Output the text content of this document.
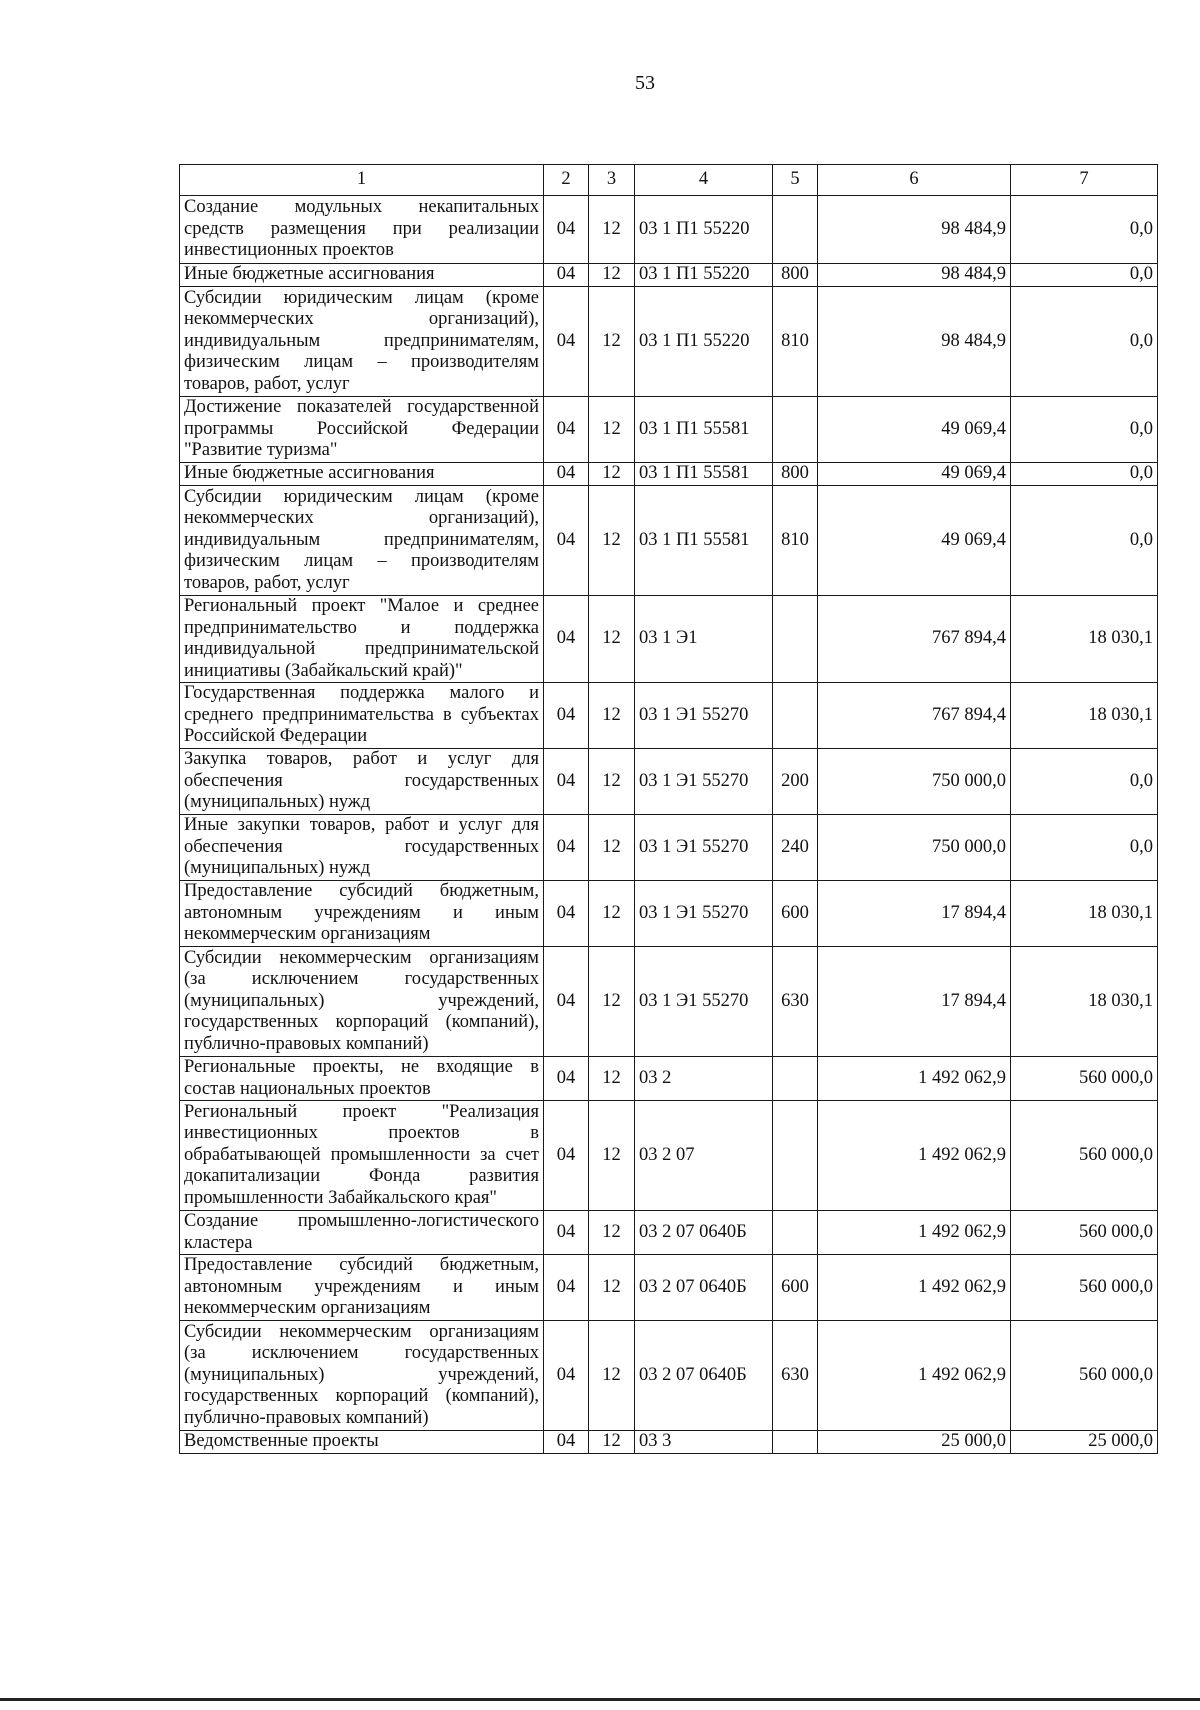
53
1	2	3	4	5	6	7
Создание модульных некапитальных средств размещения при реализации инвестиционных проектов	04	12	03 1 П1 55220		98 484,9	0,0
Иные бюджетные ассигнования	04	12	03 1 П1 55220	800	98 484,9	0,0
Субсидии юридическим лицам (кроме некоммерческих организаций), индивидуальным предпринимателям, физическим лицам – производителям товаров, работ, услуг	04	12	03 1 П1 55220	810	98 484,9	0,0
Достижение показателей государственной программы Российской Федерации "Развитие туризма"	04	12	03 1 П1 55581		49 069,4	0,0
Иные бюджетные ассигнования	04	12	03 1 П1 55581	800	49 069,4	0,0
Субсидии юридическим лицам (кроме некоммерческих организаций), индивидуальным предпринимателям, физическим лицам – производителям товаров, работ, услуг	04	12	03 1 П1 55581	810	49 069,4	0,0
Региональный проект "Малое и среднее предпринимательство и поддержка индивидуальной предпринимательской инициативы (Забайкальский край)"	04	12	03 1 Э1		767 894,4	18 030,1
Государственная поддержка малого и среднего предпринимательства в субъектах Российской Федерации	04	12	03 1 Э1 55270		767 894,4	18 030,1
Закупка товаров, работ и услуг для обеспечения государственных (муниципальных) нужд	04	12	03 1 Э1 55270	200	750 000,0	0,0
Иные закупки товаров, работ и услуг для обеспечения государственных (муниципальных) нужд	04	12	03 1 Э1 55270	240	750 000,0	0,0
Предоставление субсидий бюджетным, автономным учреждениям и иным некоммерческим организациям	04	12	03 1 Э1 55270	600	17 894,4	18 030,1
Субсидии некоммерческим организациям (за исключением государственных (муниципальных) учреждений, государственных корпораций (компаний), публично-правовых компаний)	04	12	03 1 Э1 55270	630	17 894,4	18 030,1
Региональные проекты, не входящие в состав национальных проектов	04	12	03 2		1 492 062,9	560 000,0
Региональный проект "Реализация инвестиционных проектов в обрабатывающей промышленности за счет докапитализации Фонда развития промышленности Забайкальского края"	04	12	03 2 07		1 492 062,9	560 000,0
Создание промышленно-логистического кластера	04	12	03 2 07 0640Б		1 492 062,9	560 000,0
Предоставление субсидий бюджетным, автономным учреждениям и иным некоммерческим организациям	04	12	03 2 07 0640Б	600	1 492 062,9	560 000,0
Субсидии некоммерческим организациям (за исключением государственных (муниципальных) учреждений, государственных корпораций (компаний), публично-правовых компаний)	04	12	03 2 07 0640Б	630	1 492 062,9	560 000,0
Ведомственные проекты	04	12	03 3		25 000,0	25 000,0
